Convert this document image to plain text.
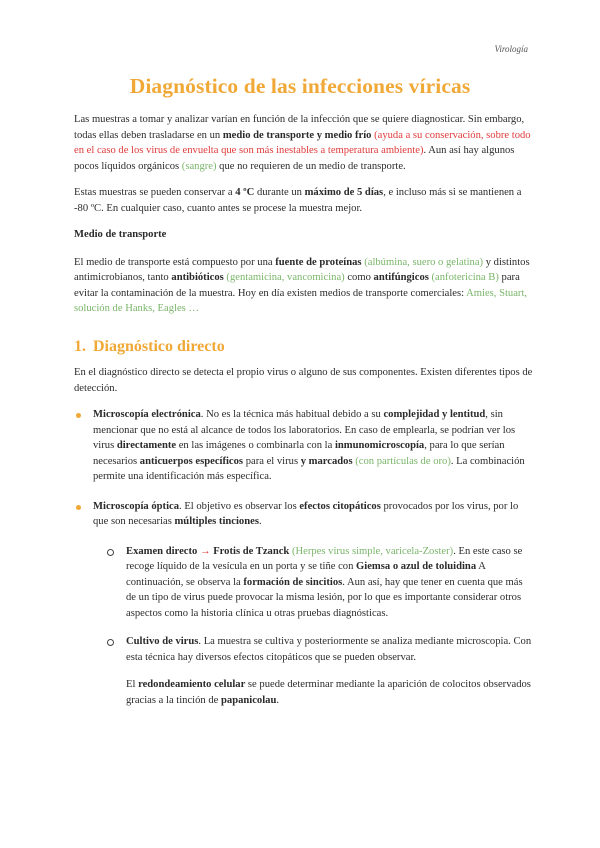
Virología
Diagnóstico de las infecciones víricas

Las muestras a tomar y analizar varían en función de la infección que se quiere diagnosticar. Sin embargo, todas ellas deben trasladarse en un medio de transporte y medio frío (ayuda a su conservación, sobre todo en el caso de los virus de envuelta que son más inestables a temperatura ambiente). Aun así hay algunos pocos líquidos orgánicos (sangre) que no requieren de un medio de transporte.

Estas muestras se pueden conservar a 4 ºC durante un máximo de 5 días, e incluso más si se mantienen a -80 ºC. En cualquier caso, cuanto antes se procese la muestra mejor.

Medio de transporte

El medio de transporte está compuesto por una fuente de proteínas (albúmina, suero o gelatina) y distintos antimicrobianos, tanto antibióticos (gentamicina, vancomicina) como antifúngicos (anfotericina B) para evitar la contaminación de la muestra. Hoy en día existen medios de transporte comerciales: Amies, Stuart, solución de Hanks, Eagles …

1. Diagnóstico directo

En el diagnóstico directo se detecta el propio virus o alguno de sus componentes. Existen diferentes tipos de detección.

Microscopía electrónica. No es la técnica más habitual debido a su complejidad y lentitud, sin mencionar que no está al alcance de todos los laboratorios. En caso de emplearla, se podrían ver los virus directamente en las imágenes o combinarla con la inmunomicroscopía, para lo que serían necesarios anticuerpos específicos para el virus y marcados (con partículas de oro). La combinación permite una identificación más específica.
Microscopía óptica. El objetivo es observar los efectos citopáticos provocados por los virus, por lo que son necesarias múltiples tinciones.
Examen directo → Frotis de Tzanck (Herpes virus simple, varicela-Zoster). En este caso se recoge líquido de la vesícula en un porta y se tiñe con Giemsa o azul de toluidina A continuación, se observa la formación de sincitios. Aun así, hay que tener en cuenta que más de un tipo de virus puede provocar la misma lesión, por lo que es importante considerar otros aspectos como la historia clínica u otras pruebas diagnósticas.
Cultivo de virus. La muestra se cultiva y posteriormente se analiza mediante microscopia. Con esta técnica hay diversos efectos citopáticos que se pueden observar.
El redondeamiento celular se puede determinar mediante la aparición de colocitos observados gracias a la tinción de papanicolau.
